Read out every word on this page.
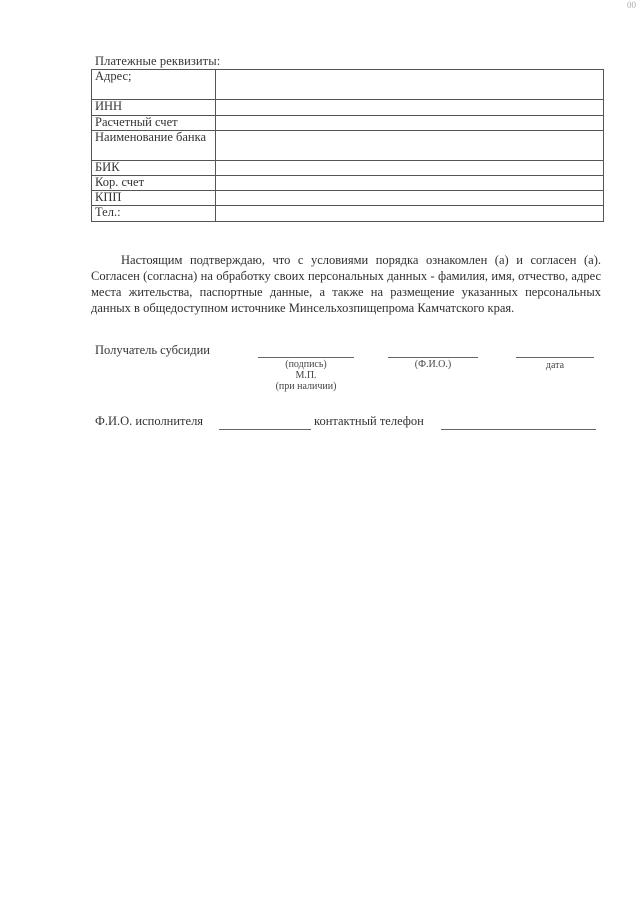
00
Платежные реквизиты:
Адрес;	
ИНН	
Расчетный счет	
Наименование банка	
БИК	
Кор. счет	
КПП	
Тел.:	
Настоящим подтверждаю, что с условиями порядка ознакомлен (а) и согласен (а). Согласен (согласна) на обработку своих персональных данных - фамилия, имя, отчество, адрес места жительства, паспортные данные, а также на размещение указанных персональных данных в общедоступном источнике Минсельхозпищепрома Камчатского края.
Получатель субсидии
(подпись)
М.П.
(при наличии)
(Ф.И.О.)	дата
Ф.И.О. исполнителя	контактный телефон
